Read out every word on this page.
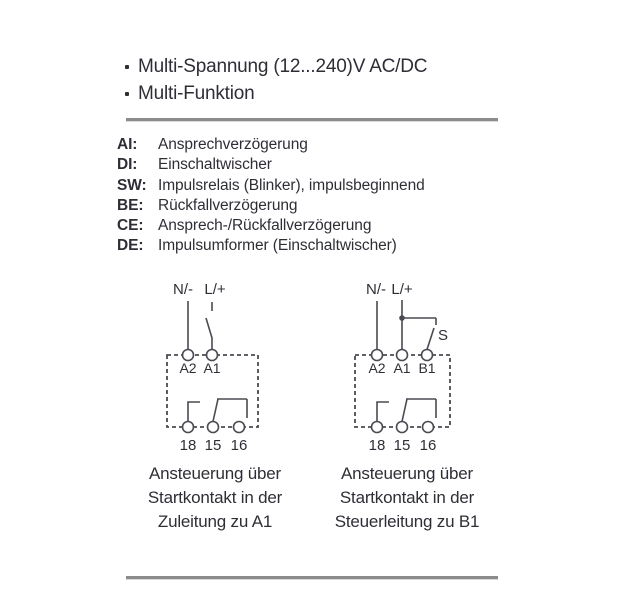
Multi-Spannung (12...240)V AC/DC
Multi-Funktion
AI:	Ansprechverzögerung
DI:	Einschaltwischer
SW: Impulsrelais (Blinker), impulsbeginnend
BE: Rückfallverzögerung
CE: Ansprech-/Rückfallverzögerung
DE: Impulsumformer (Einschaltwischer)
N/- L/+
A2 A1
18 15 16
N/- L/+
S
A2 A1 B1
18 15 16
Ansteuerung über
Startkontakt in der
Zuleitung zu A1
Ansteuerung über
Startkontakt in der
Steuerleitung zu B1
